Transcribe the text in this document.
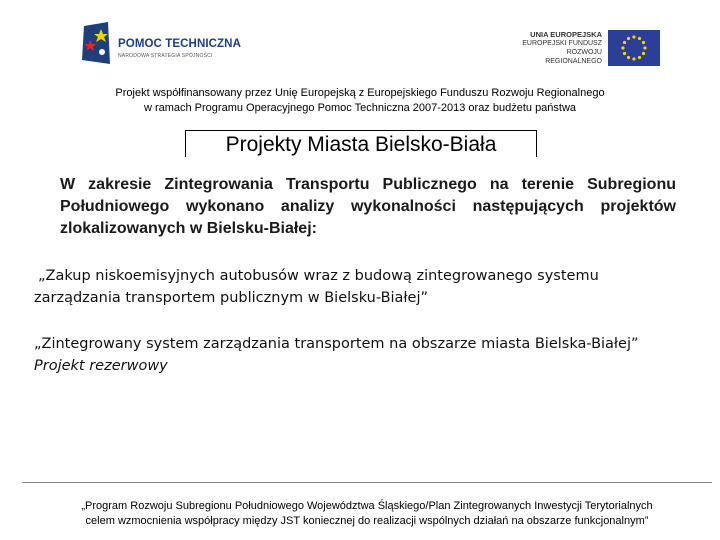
POMOC TECHNICZNA
NARODOWA STRATEGIA SPÓJNOŚCI
UNIA EUROPEJSKA
EUROPEJSKI FUNDUSZ
ROZWOJU REGIONALNEGO
Projekt współfinansowany przez Unię Europejską z Europejskiego Funduszu Rozwoju Regionalnego
w ramach Programu Operacyjnego Pomoc Techniczna 2007-2013 oraz budżetu państwa
Projekty Miasta Bielsko-Biała
W zakresie Zintegrowania Transportu Publicznego na terenie Subregionu Południowego wykonano analizy wykonalności następujących projektów zlokalizowanych w Bielsku-Białej:
„Zakup niskoemisyjnych autobusów wraz z budową zintegrowanego systemu
zarządzania transportem publicznym w Bielsku-Białej”
„Zintegrowany system zarządzania transportem na obszarze miasta Bielska-Białej”
Projekt rezerwowy
„Program Rozwoju Subregionu Południowego Województwa Śląskiego/Plan Zintegrowanych Inwestycji Terytorialnych
celem wzmocnienia współpracy między JST koniecznej do realizacji wspólnych działań na obszarze funkcjonalnym”
